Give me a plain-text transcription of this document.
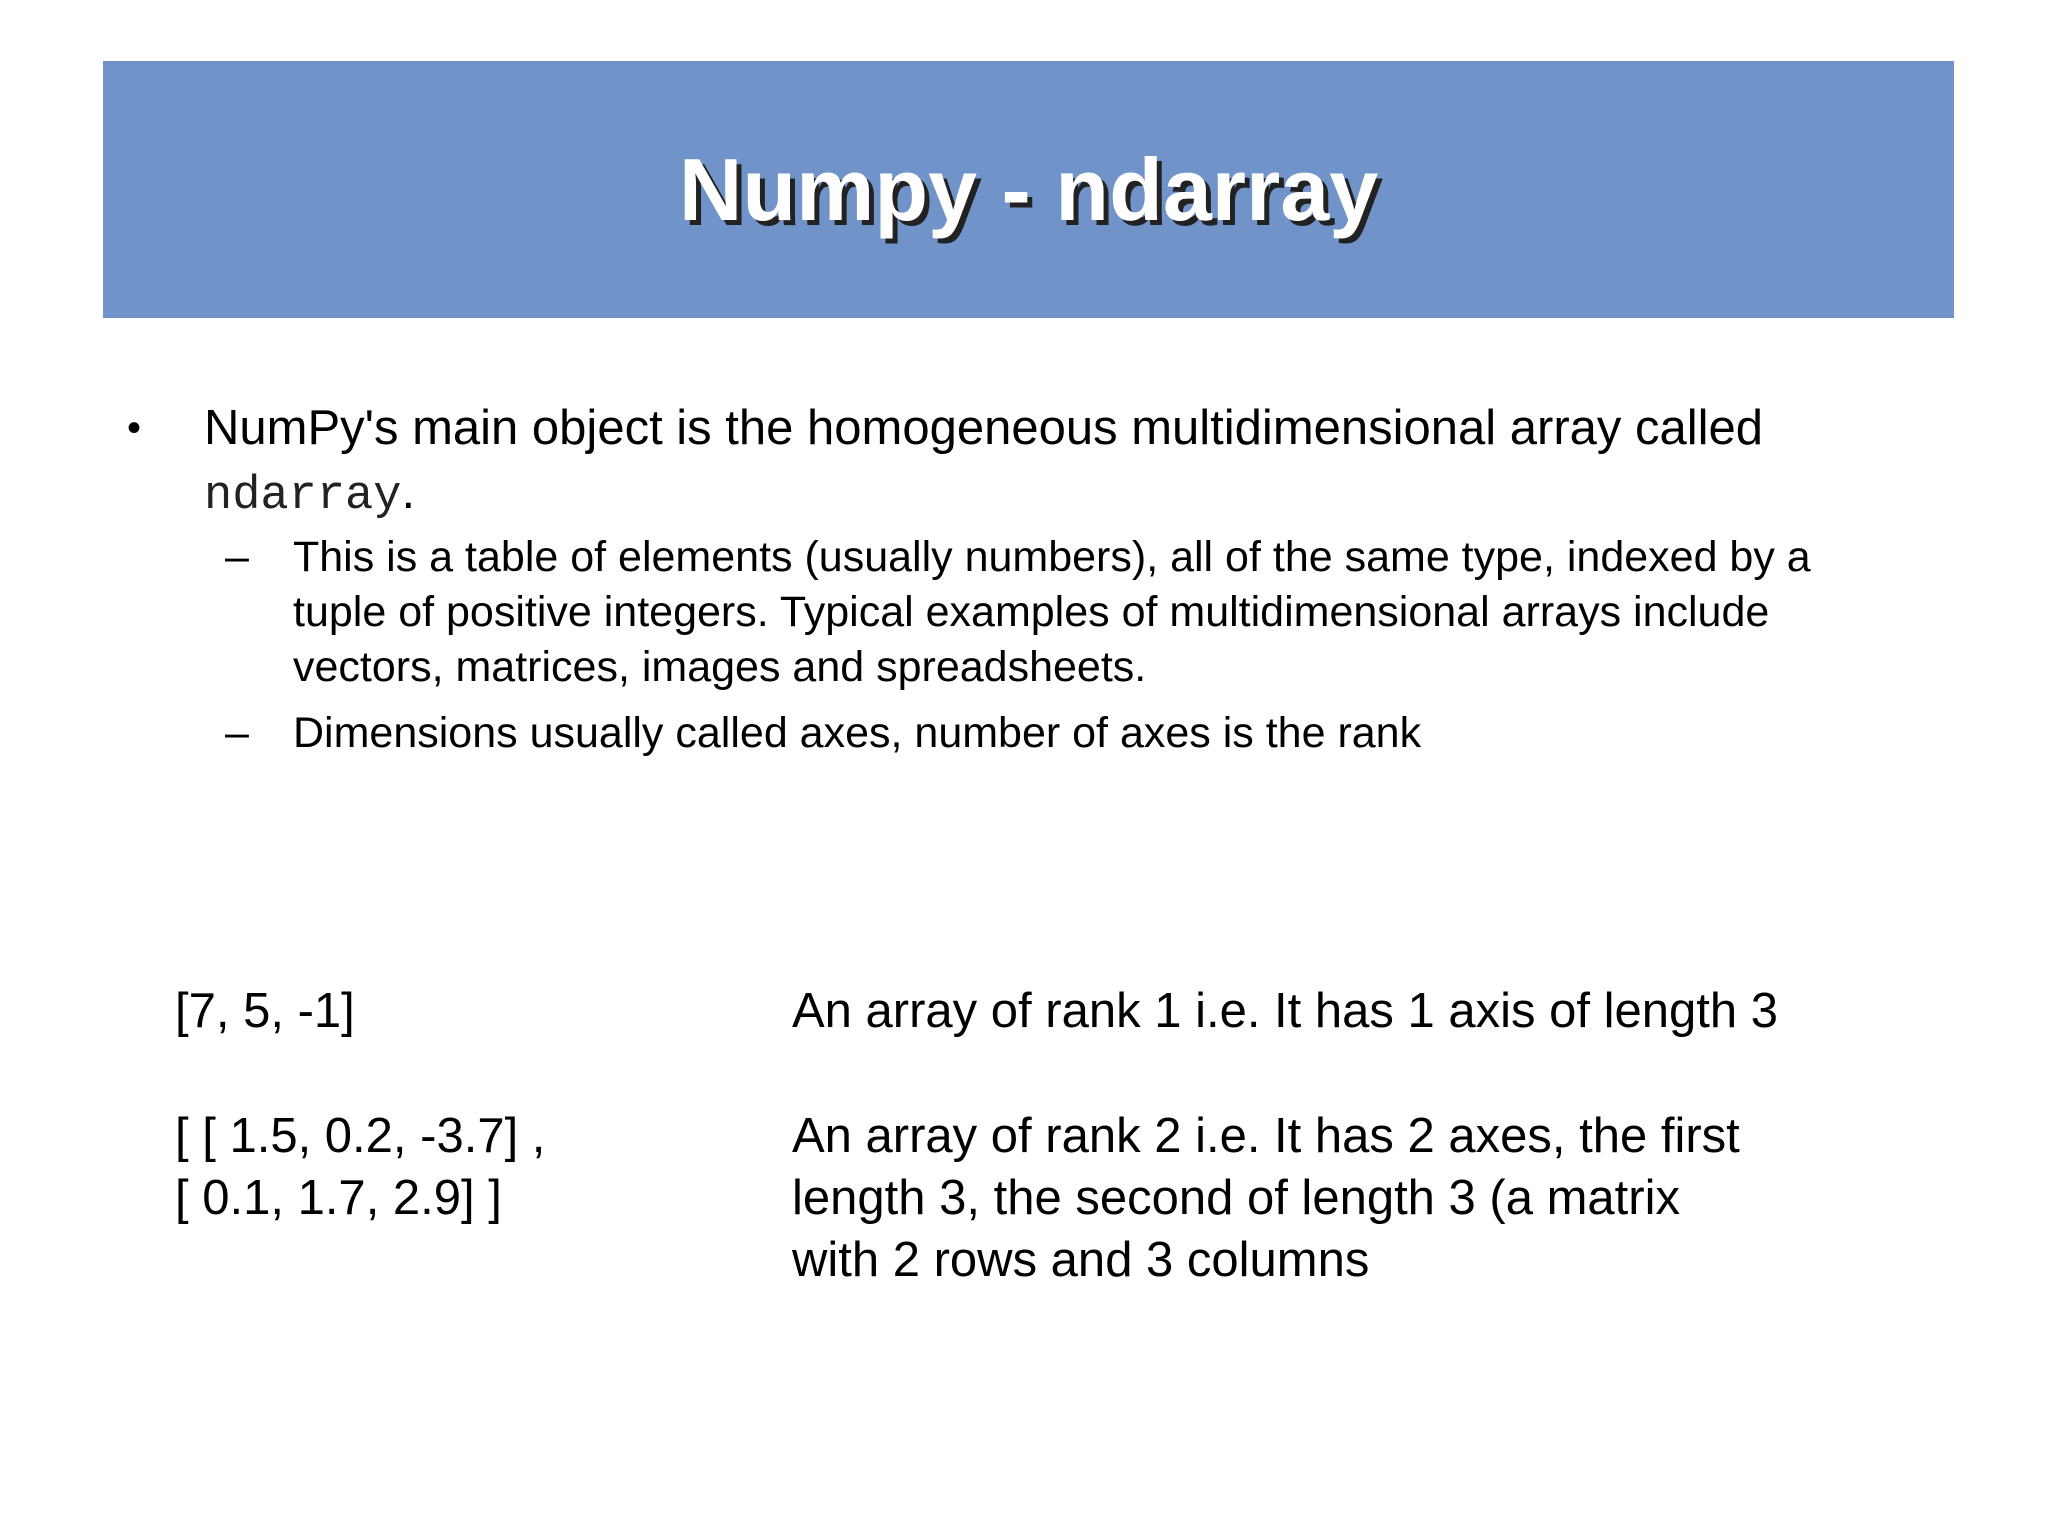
Numpy - ndarray
• NumPy's main object is the homogeneous multidimensional array called
ndarray.
– This is a table of elements (usually numbers), all of the same type, indexed by a
tuple of positive integers. Typical examples of multidimensional arrays include
vectors, matrices, images and spreadsheets.
– Dimensions usually called axes, number of axes is the rank
[7, 5, -1]	An array of rank 1 i.e. It has 1 axis of length 3
[ [ 1.5, 0.2, -3.7] ,
[ 0.1, 1.7, 2.9] ]
An array of rank 2 i.e. It has 2 axes, the first
length 3, the second of length 3 (a matrix
with 2 rows and 3 columns
